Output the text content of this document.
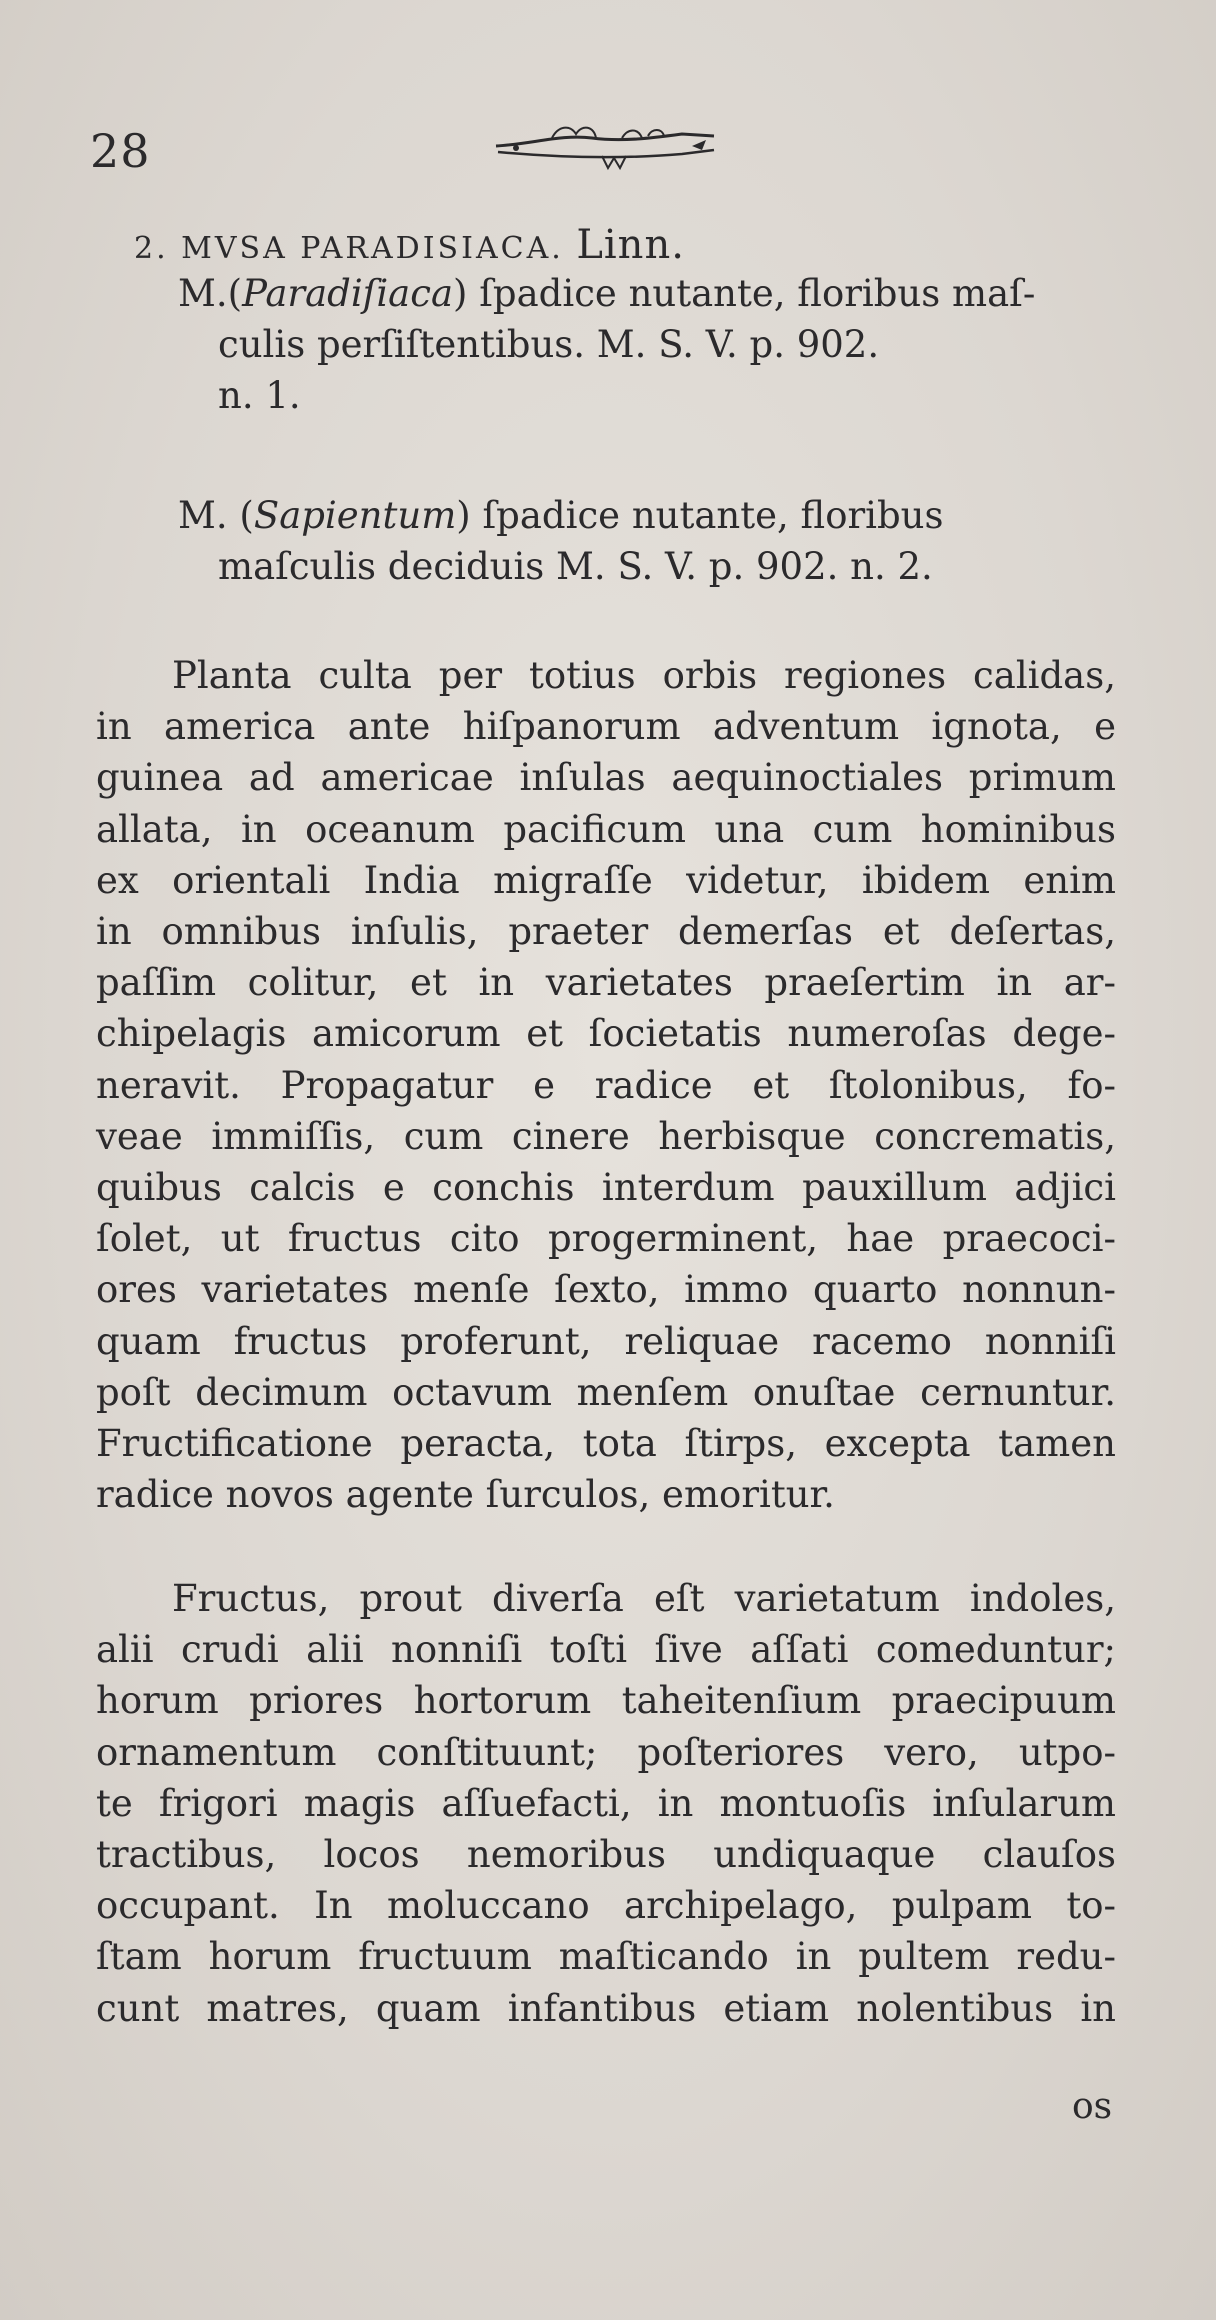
28
2. MVSA PARADISIACA. Linn.
M.(Paradiſiaca) ſpadice nutante, floribus maſ-
culis perſiſtentibus. M. S. V. p. 902.
n. 1.
M. (Sapientum) ſpadice nutante, floribus
maſculis deciduis M. S. V. p. 902. n. 2.
Planta culta per totius orbis regiones calidas,
in america ante hiſpanorum adventum ignota, e
guinea ad americae inſulas aequinoctiales primum
allata, in oceanum pacificum una cum hominibus
ex orientali India migraſſe videtur, ibidem enim
in omnibus inſulis, praeter demerſas et deſertas,
paſſim colitur, et in varietates praeſertim in ar-
chipelagis amicorum et ſocietatis numeroſas dege-
neravit. Propagatur e radice et ſtolonibus, fo-
veae immiſſis, cum cinere herbisque concrematis,
quibus calcis e conchis interdum pauxillum adjici
ſolet, ut fructus cito progerminent, hae praecoci-
ores varietates menſe ſexto, immo quarto nonnun-
quam fructus proferunt, reliquae racemo nonniſi
poſt decimum octavum menſem onuſtae cernuntur.
Fructificatione peracta, tota ſtirps, excepta tamen
radice novos agente ſurculos, emoritur.
Fructus, prout diverſa eſt varietatum indoles,
alii crudi alii nonniſi toſti ſive aſſati comeduntur;
horum priores hortorum taheitenſium praecipuum
ornamentum conſtituunt; poſteriores vero, utpo-
te frigori magis aſſuefacti, in montuoſis inſularum
tractibus, locos nemoribus undiquaque clauſos
occupant. In moluccano archipelago, pulpam to-
ſtam horum fructuum maſticando in pultem redu-
cunt matres, quam infantibus etiam nolentibus in
os
